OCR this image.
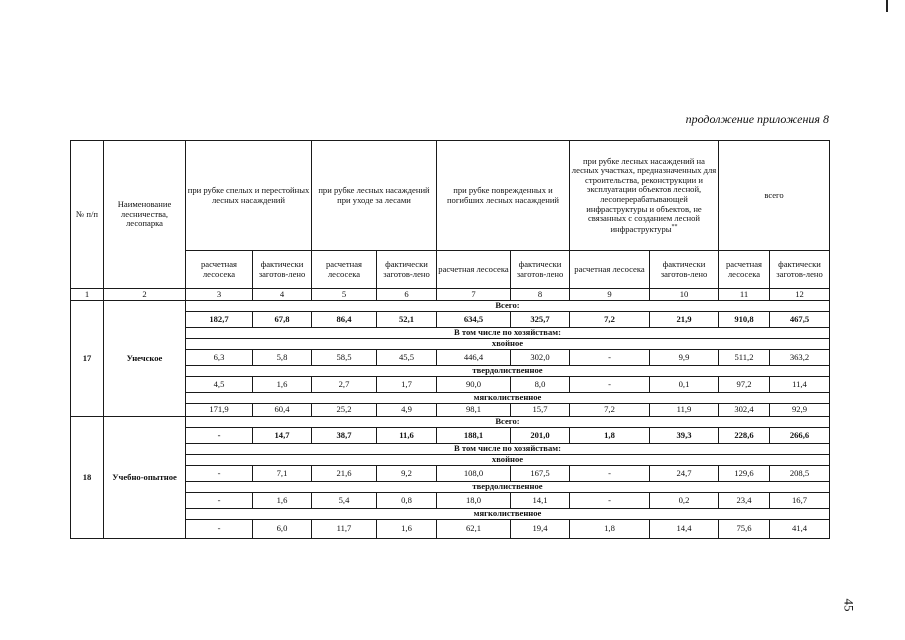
продолжение приложения 8
№ п/п	Наименование лесничества, лесопарка	при рубке спелых и перестойных лесных насаждений		при рубке лесных насаждений при уходе за лесами		при рубке поврежденных и погибших лесных насаждений		при рубке лесных насаждений на лесных участках, предназначенных для строительства, реконструкции и эксплуатации объектов лесной, лесоперерабатывающей инфраструктуры и объектов, не связанных с созданием лесной инфраструктуры**		всего	
		расчетная лесосека	фактически заготов-лено	расчетная лесосека	фактически заготов-лено	расчетная лесосека	фактически заготов-лено	расчетная лесосека	фактически заготов-лено	расчетная лесосека	фактически заготов-лено
1	2	3	4	5	6	7	8	9	10	11	12
17	Унечское	Всего:									
		182,7	67,8	86,4	52,1	634,5	325,7	7,2	21,9	910,8	467,5
		В том числе по хозяйствам:									
		хвойное									
		6,3	5,8	58,5	45,5	446,4	302,0	-	9,9	511,2	363,2
		твердолиственное									
		4,5	1,6	2,7	1,7	90,0	8,0	-	0,1	97,2	11,4
		мягколиственное									
		171,9	60,4	25,2	4,9	98,1	15,7	7,2	11,9	302,4	92,9
18	Учебно-опытное	Всего:									
		-	14,7	38,7	11,6	188,1	201,0	1,8	39,3	228,6	266,6
		В том числе по хозяйствам:									
		хвойное									
		-	7,1	21,6	9,2	108,0	167,5	-	24,7	129,6	208,5
		твердолиственное									
		-	1,6	5,4	0,8	18,0	14,1	-	0,2	23,4	16,7
		мягколиственное									
		-	6,0	11,7	1,6	62,1	19,4	1,8	14,4	75,6	41,4
45
